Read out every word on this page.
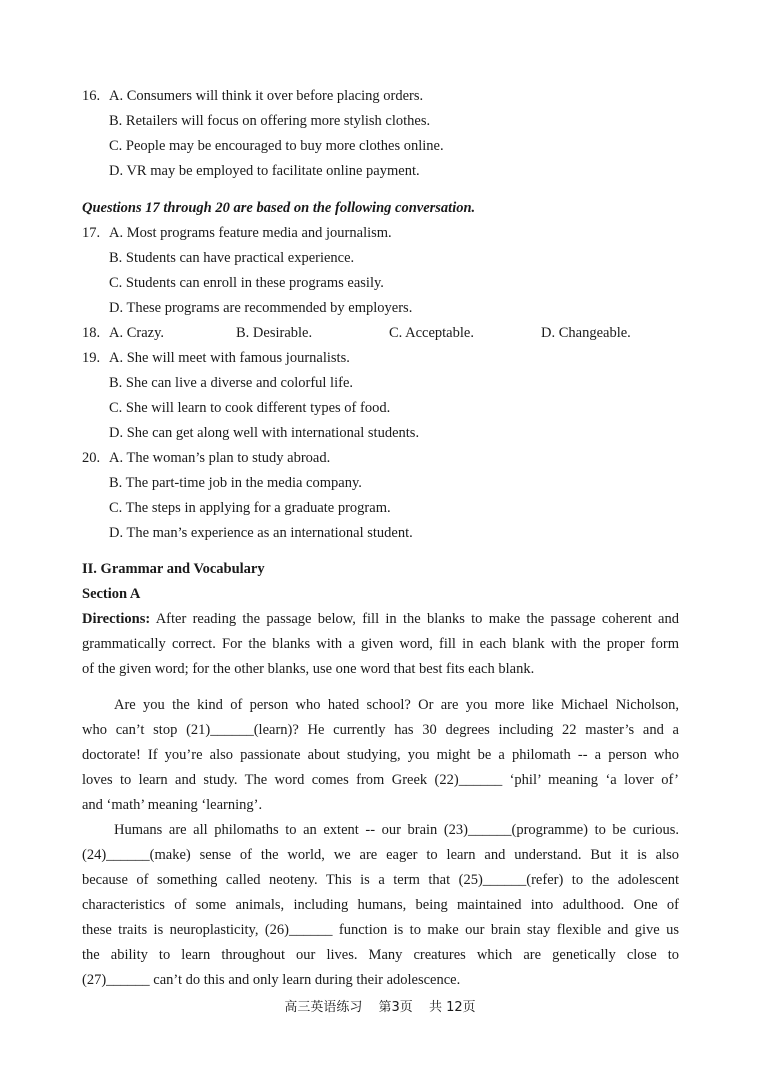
16. A. Consumers will think it over before placing orders.
B. Retailers will focus on offering more stylish clothes.
C. People may be encouraged to buy more clothes online.
D. VR may be employed to facilitate online payment.
Questions 17 through 20 are based on the following conversation.
17. A. Most programs feature media and journalism.
B. Students can have practical experience.
C. Students can enroll in these programs easily.
D. These programs are recommended by employers.
18. A. Crazy.	B. Desirable.	C. Acceptable.	D. Changeable.
19. A. She will meet with famous journalists.
B. She can live a diverse and colorful life.
C. She will learn to cook different types of food.
D. She can get along well with international students.
20. A. The woman’s plan to study abroad.
B. The part-time job in the media company.
C. The steps in applying for a graduate program.
D. The man’s experience as an international student.
II. Grammar and Vocabulary
Section A
Directions: After reading the passage below, fill in the blanks to make the passage coherent and
grammatically correct. For the blanks with a given word, fill in each blank with the proper form
of the given word; for the other blanks, use one word that best fits each blank.
Are you the kind of person who hated school? Or are you more like Michael Nicholson,
who can’t stop (21)______(learn)? He currently has 30 degrees including 22 master’s and a
doctorate! If you’re also passionate about studying, you might be a philomath -- a person who
loves to learn and study. The word comes from Greek (22)______ ‘phil’ meaning ‘a lover of’
and ‘math’ meaning ‘learning’.
Humans are all philomaths to an extent -- our brain (23)______(programme) to be curious.
(24)______(make) sense of the world, we are eager to learn and understand. But it is also
because of something called neoteny. This is a term that (25)______(refer) to the adolescent
characteristics of some animals, including humans, being maintained into adulthood. One of
these traits is neuroplasticity, (26)______ function is to make our brain stay flexible and give us
the ability to learn throughout our lives. Many creatures which are genetically close to
(27)______ can’t do this and only learn during their adolescence.
高三英语练习 第3页 共 12页
